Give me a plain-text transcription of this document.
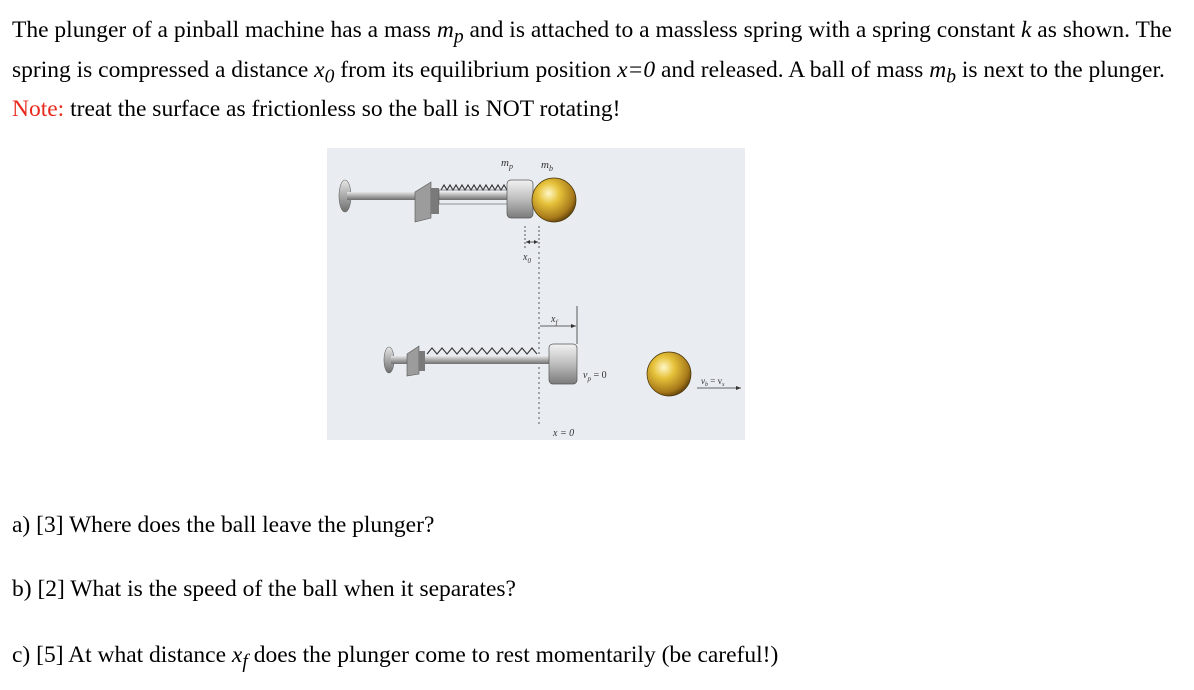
The plunger of a pinball machine has a mass $m_p$ and is attached to a massless spring with a spring constant k as shown. The spring is compressed a distance $x_0$ from its equilibrium position x=0 and released. A ball of mass $m_b$ is next to the plunger. Note: treat the surface as frictionless so the ball is NOT rotating!
$m_p$	$m_b$
$x_0$
$x_f$
$v_p = 0$
x = 0
$v_b = v_s$
a) [3] Where does the ball leave the plunger?
b) [2] What is the speed of the ball when it separates?
c) [5] At what distance $x_f$ does the plunger come to rest momentarily (be careful!)
